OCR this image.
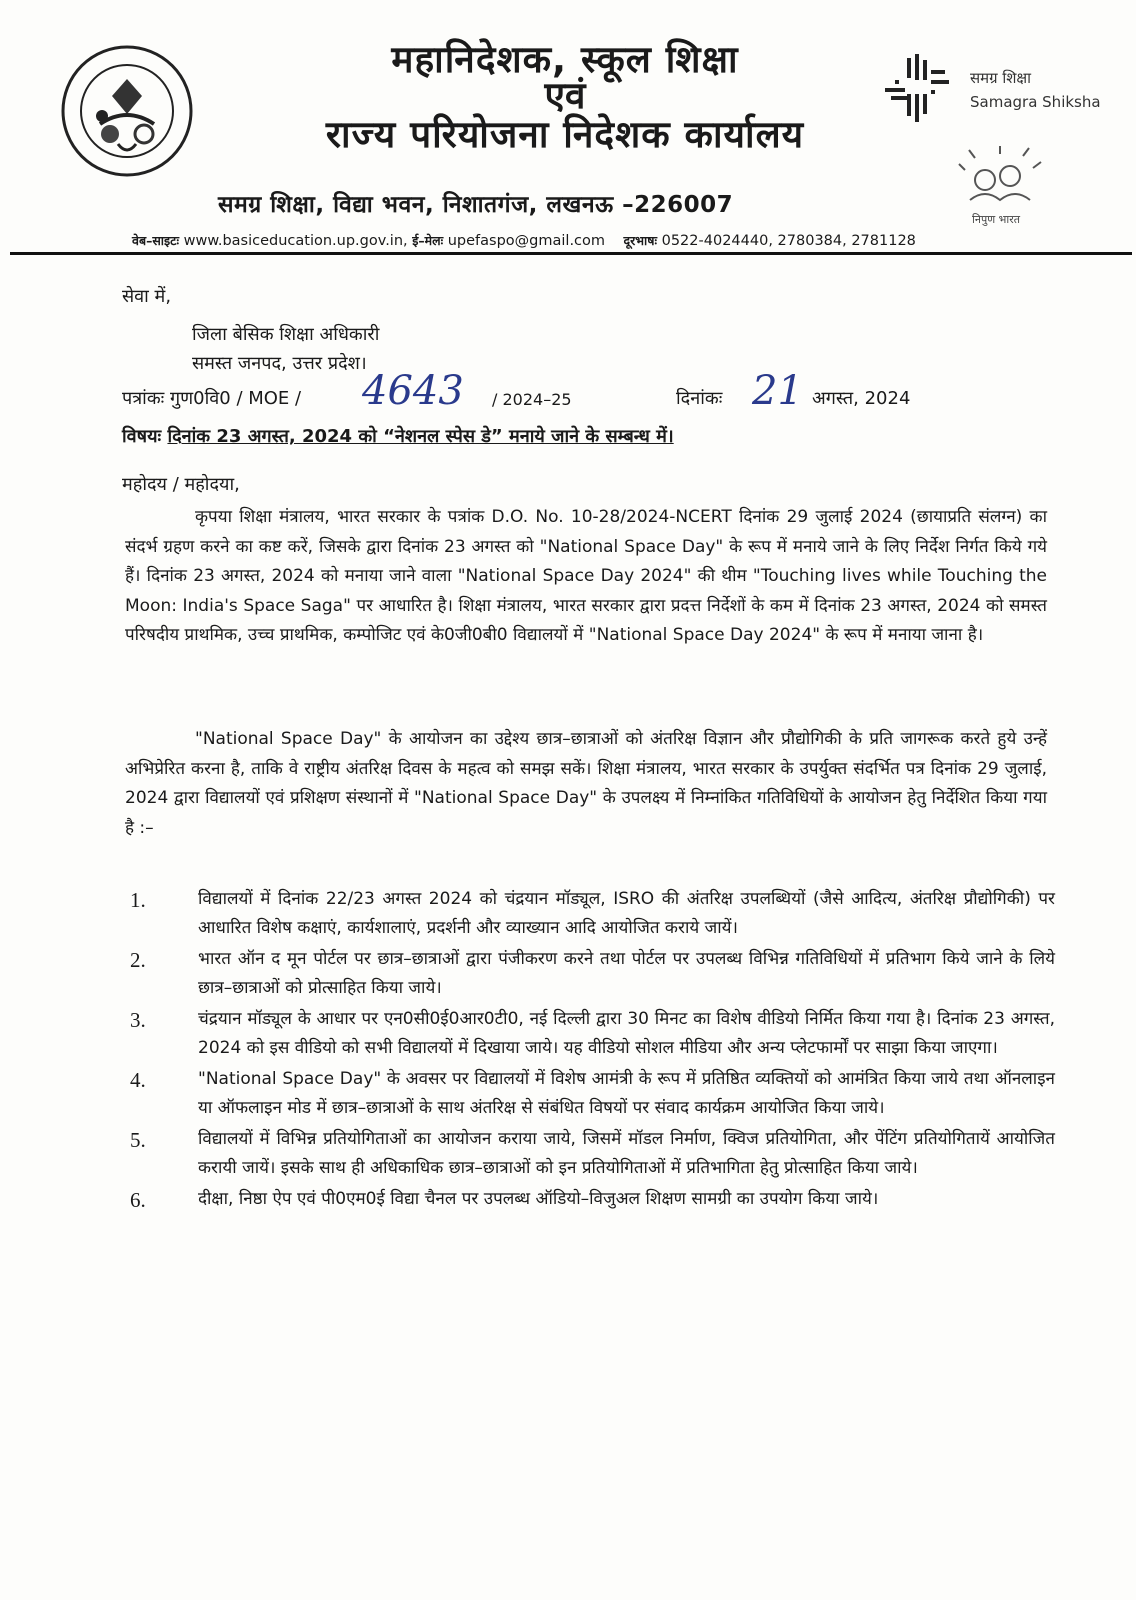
महानिदेशक, स्कूल शिक्षा
एवं
राज्य परियोजना निदेशक कार्यालय
समग्र शिक्षा, विद्या भवन, निशातगंज, लखनऊ –226007
समग्र शिक्षा
Samagra Shiksha
निपुण भारत
वेब–साइटः www.basiceducation.up.gov.in, ई–मेलः upefaspo@gmail.com दूरभाषः 0522-4024440, 2780384, 2781128
सेवा में,
जिला बेसिक शिक्षा अधिकारी
समस्त जनपद, उत्तर प्रदेश।
पत्रांकः गुण0वि0 / MOE / 4643 / 2024–25	दिनांकः 21 अगस्त, 2024
विषयः दिनांक 23 अगस्त, 2024 को “नेशनल स्पेस डे” मनाये जाने के सम्बन्ध में।
महोदय / महोदया,
कृपया शिक्षा मंत्रालय, भारत सरकार के पत्रांक D.O. No. 10-28/2024-NCERT दिनांक 29 जुलाई 2024 (छायाप्रति संलग्न) का संदर्भ ग्रहण करने का कष्ट करें, जिसके द्वारा दिनांक 23 अगस्त को "National Space Day" के रूप में मनाये जाने के लिए निर्देश निर्गत किये गये हैं। दिनांक 23 अगस्त, 2024 को मनाया जाने वाला "National Space Day 2024" की थीम "Touching lives while Touching the Moon: India's Space Saga" पर आधारित है। शिक्षा मंत्रालय, भारत सरकार द्वारा प्रदत्त निर्देशों के कम में दिनांक 23 अगस्त, 2024 को समस्त परिषदीय प्राथमिक, उच्च प्राथमिक, कम्पोजिट एवं के0जी0बी0 विद्यालयों में "National Space Day 2024" के रूप में मनाया जाना है।
"National Space Day" के आयोजन का उद्देश्य छात्र–छात्राओं को अंतरिक्ष विज्ञान और प्रौद्योगिकी के प्रति जागरूक करते हुये उन्हें अभिप्रेरित करना है, ताकि वे राष्ट्रीय अंतरिक्ष दिवस के महत्व को समझ सकें। शिक्षा मंत्रालय, भारत सरकार के उपर्युक्त संदर्भित पत्र दिनांक 29 जुलाई, 2024 द्वारा विद्यालयों एवं प्रशिक्षण संस्थानों में "National Space Day" के उपलक्ष्य में निम्नांकित गतिविधियों के आयोजन हेतु निर्देशित किया गया है :–
1.	विद्यालयों में दिनांक 22/23 अगस्त 2024 को चंद्रयान मॉड्यूल, ISRO की अंतरिक्ष उपलब्धियों (जैसे आदित्य, अंतरिक्ष प्रौद्योगिकी) पर आधारित विशेष कक्षाएं, कार्यशालाएं, प्रदर्शनी और व्याख्यान आदि आयोजित कराये जायें।
2.	भारत ऑन द मून पोर्टल पर छात्र–छात्राओं द्वारा पंजीकरण करने तथा पोर्टल पर उपलब्ध विभिन्न गतिविधियों में प्रतिभाग किये जाने के लिये छात्र–छात्राओं को प्रोत्साहित किया जाये।
3.	चंद्रयान मॉड्यूल के आधार पर एन0सी0ई0आर0टी0, नई दिल्ली द्वारा 30 मिनट का विशेष वीडियो निर्मित किया गया है। दिनांक 23 अगस्त, 2024 को इस वीडियो को सभी विद्यालयों में दिखाया जाये। यह वीडियो सोशल मीडिया और अन्य प्लेटफार्मों पर साझा किया जाएगा।
4.	"National Space Day" के अवसर पर विद्यालयों में विशेष आमंत्री के रूप में प्रतिष्ठित व्यक्तियों को आमंत्रित किया जाये तथा ऑनलाइन या ऑफलाइन मोड में छात्र–छात्राओं के साथ अंतरिक्ष से संबंधित विषयों पर संवाद कार्यक्रम आयोजित किया जाये।
5.	विद्यालयों में विभिन्न प्रतियोगिताओं का आयोजन कराया जाये, जिसमें मॉडल निर्माण, क्विज प्रतियोगिता, और पेंटिंग प्रतियोगितायें आयोजित करायी जायें। इसके साथ ही अधिकाधिक छात्र–छात्राओं को इन प्रतियोगिताओं में प्रतिभागिता हेतु प्रोत्साहित किया जाये।
6.	दीक्षा, निष्ठा ऐप एवं पी0एम0ई विद्या चैनल पर उपलब्ध ऑडियो–विजुअल शिक्षण सामग्री का उपयोग किया जाये।
